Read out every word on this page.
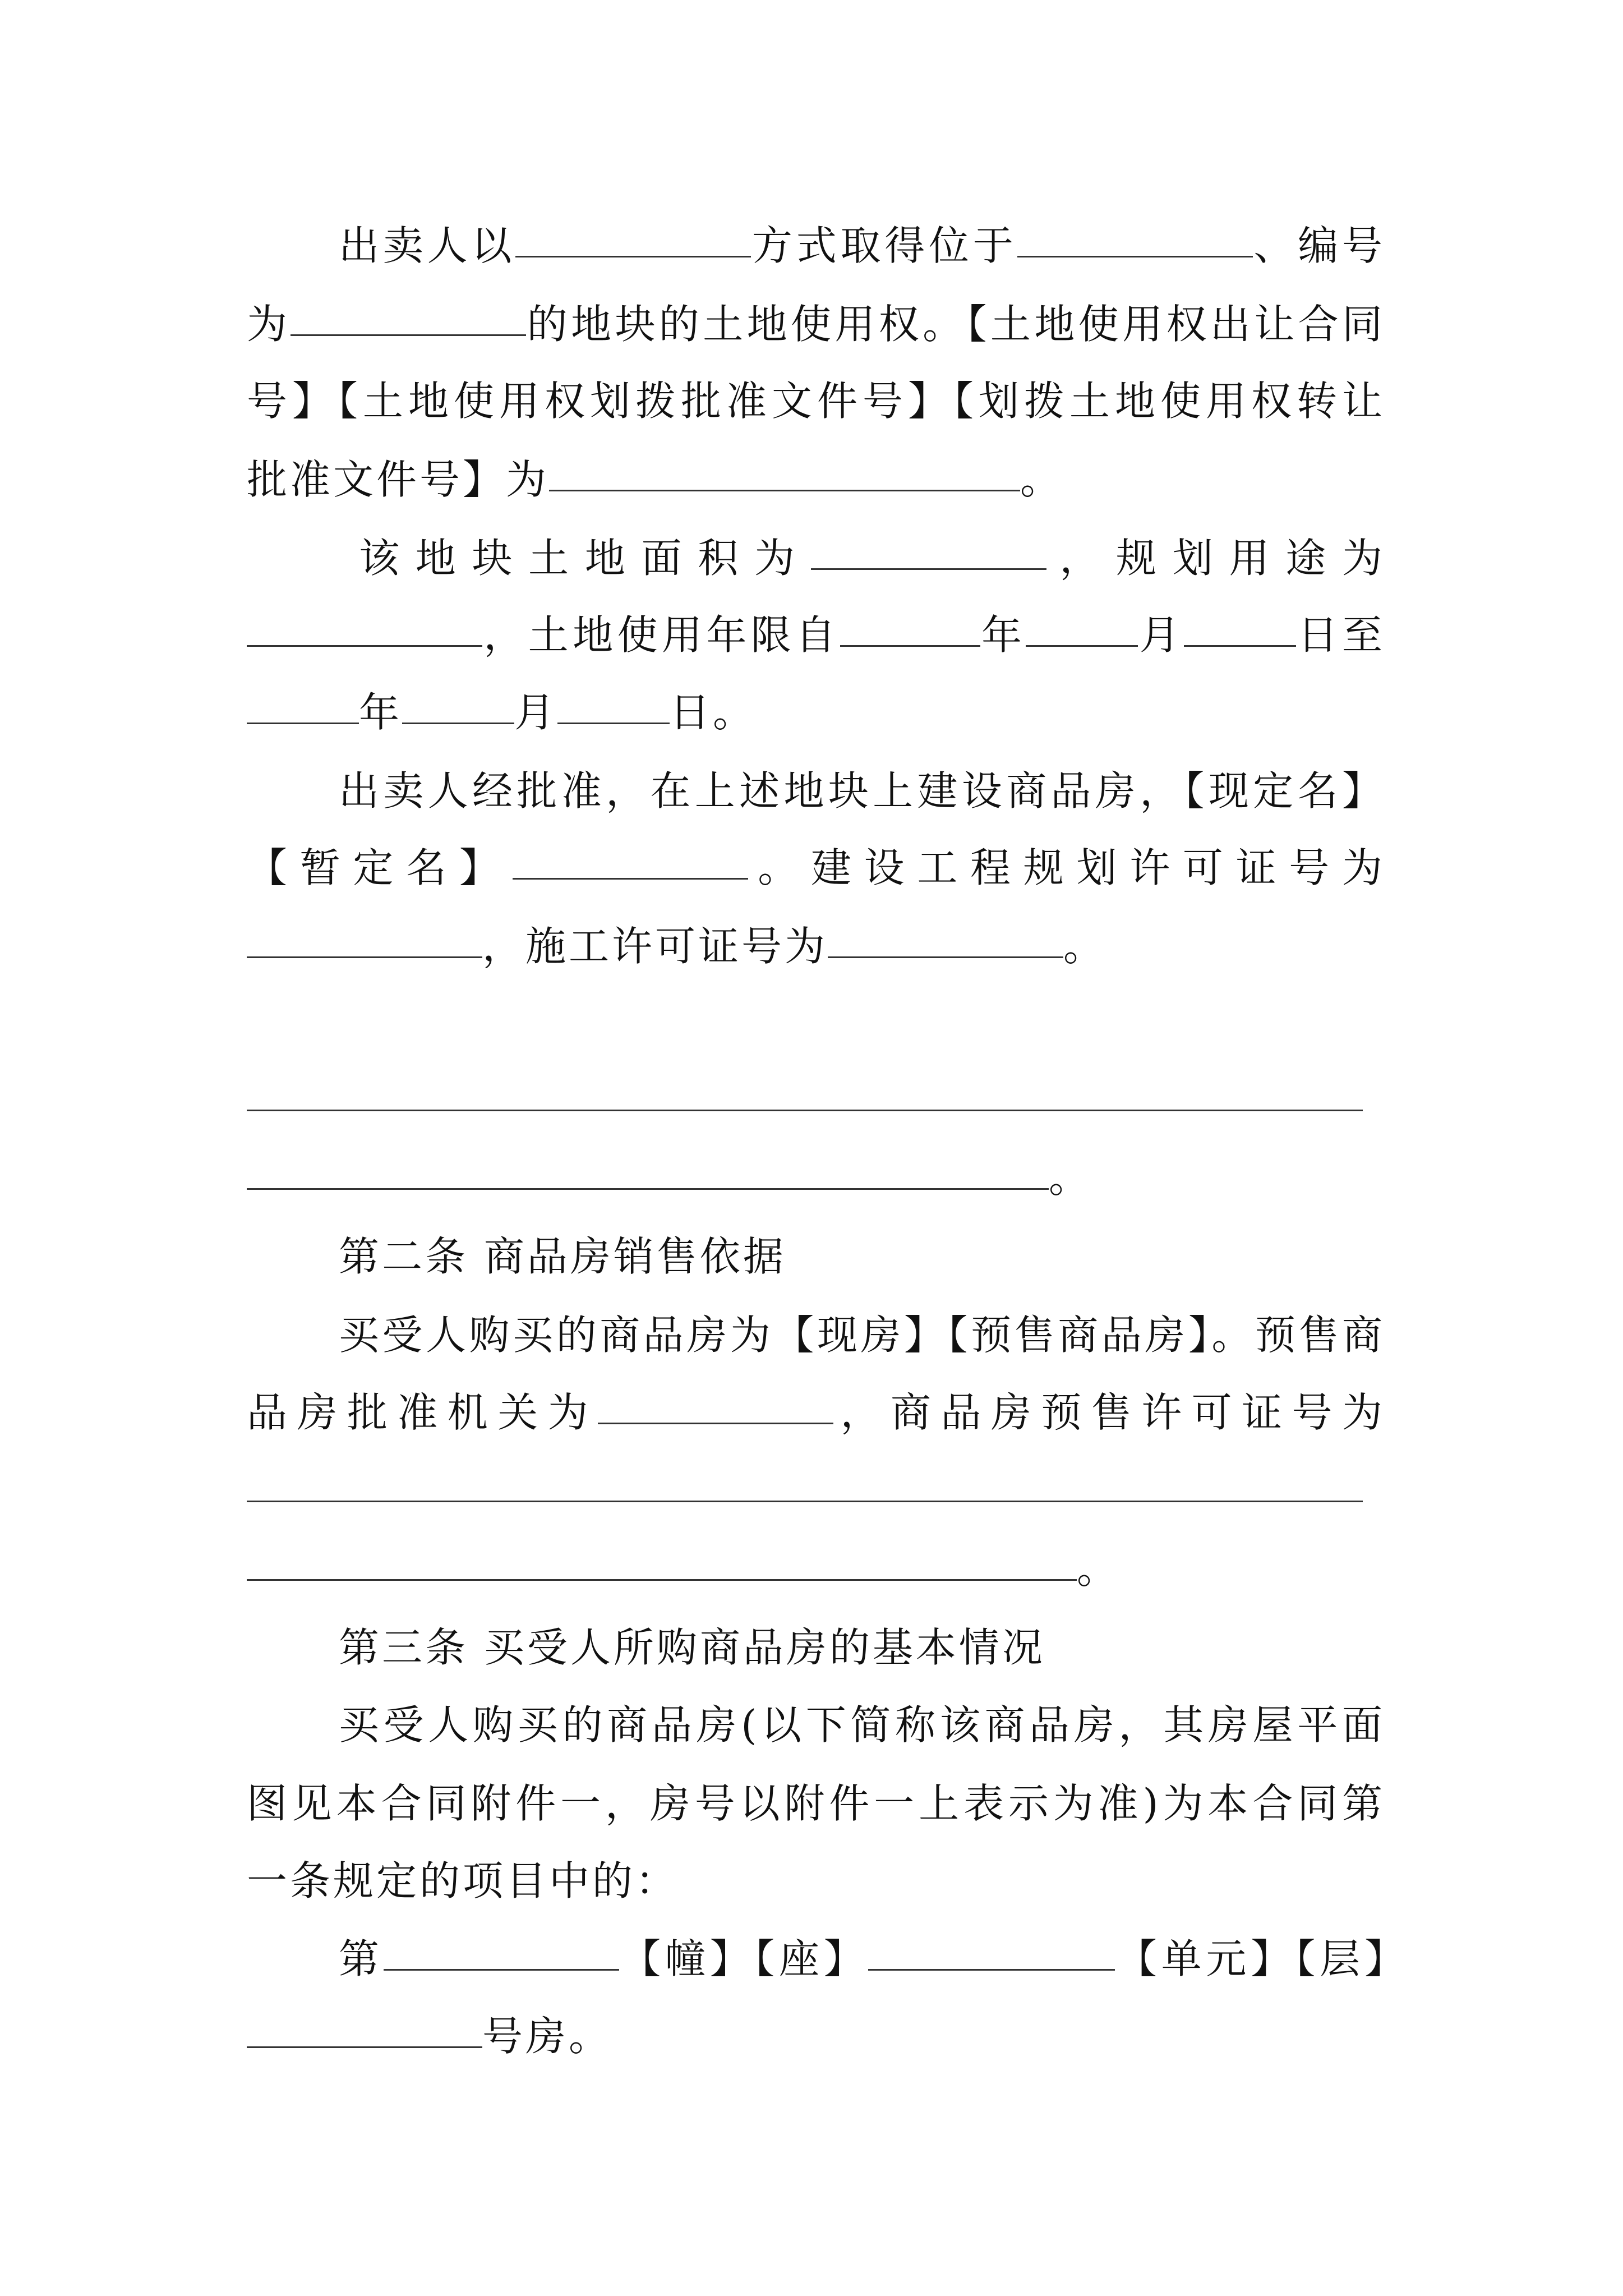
出卖人以	方式取得位于	、编号
为	的地块的土地使用权。【土地使用权出让合同
号】【土地使用权划拨批准文件号】【划拨土地使用权转让
批准文件号】为	。
该地块土地面积为	，规划用途为
，土地使用年限自	年	月	日至
年	月	日。
出卖人经批准，在上述地块上建设商品房，【现定名】
【暂定名】	。建设工程规划许可证号为
，施工许可证号为	。
。
第二条 商品房销售依据
买受人购买的商品房为【现房】【预售商品房】。预售商
品房批准机关为	，商品房预售许可证号为
。
第三条 买受人所购商品房的基本情况
买受人购买的商品房(以下简称该商品房，其房屋平面
图见本合同附件一，房号以附件一上表示为准)为本合同第
一条规定的项目中的：
第	【幢】【座】	【单元】【层】
号房。
